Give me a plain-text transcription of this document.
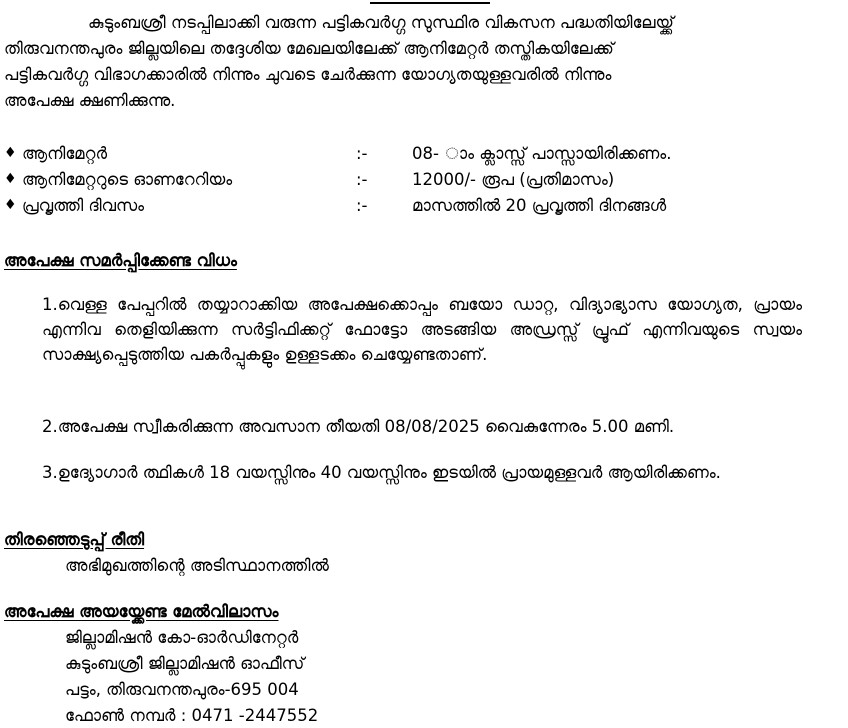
കുടുംബശ്രീ നടപ്പിലാക്കി വരുന്ന പട്ടികവർഗ്ഗ സുസ്ഥിര വികസന പദ്ധതിയിലേയ്ക്ക്
തിരുവനന്തപുരം ജില്ലയിലെ തദ്ദേശിയ മേഖലയിലേക്ക് ആനിമേറ്റർ തസ്തികയിലേക്ക്
പട്ടികവർഗ്ഗ വിഭാഗക്കാരിൽ നിന്നും ചുവടെ ചേർക്കുന്ന യോഗ്യതയുള്ളവരിൽ നിന്നും
അപേക്ഷ ക്ഷണിക്കുന്നു.
♦ ആനിമേറ്റർ	:-	08- ാം ക്ലാസ്സ് പാസ്സായിരിക്കണം.
♦ ആനിമേറ്ററുടെ ഓണറേറിയം	:-	12000/- രൂപ (പ്രതിമാസം)
♦ പ്രവൃത്തി ദിവസം	:-	മാസത്തിൽ 20 പ്രവൃത്തി ദിനങ്ങൾ
അപേക്ഷ സമർപ്പിക്കേണ്ട വിധം
1.വെള്ള പേപ്പറിൽ തയ്യാറാക്കിയ അപേക്ഷക്കൊപ്പം ബയോ ഡാറ്റ, വിദ്യാഭ്യാസ യോഗ്യത, പ്രായം എന്നിവ തെളിയിക്കുന്ന സർട്ടിഫിക്കറ്റ് ഫോട്ടോ അടങ്ങിയ അഡ്രസ്സ് പ്രൂഫ് എന്നിവയുടെ സ്വയം സാക്ഷ്യപ്പെടുത്തിയ പകർപ്പുകളും ഉള്ളടക്കം ചെയ്യേണ്ടതാണ്.
2.അപേക്ഷ സ്വീകരിക്കുന്ന അവസാന തീയതി 08/08/2025 വൈകുന്നേരം 5.00 മണി.
3.ഉദ്യോഗാർ ത്ഥികൾ 18 വയസ്സിനും 40 വയസ്സിനും ഇടയിൽ പ്രായമുള്ളവർ ആയിരിക്കണം.
തിരഞ്ഞെടുപ്പ് രീതി
അഭിമുഖത്തിന്റെ അടിസ്ഥാനത്തിൽ
അപേക്ഷ അയയ്ക്കേണ്ട മേൽവിലാസം
ജില്ലാമിഷൻ കോ-ഓർഡിനേറ്റർ
കുടുംബശ്രീ ജില്ലാമിഷൻ ഓഫീസ്
പട്ടം, തിരുവനന്തപുരം-695 004
ഫോൺ നമ്പർ : 0471 -2447552
